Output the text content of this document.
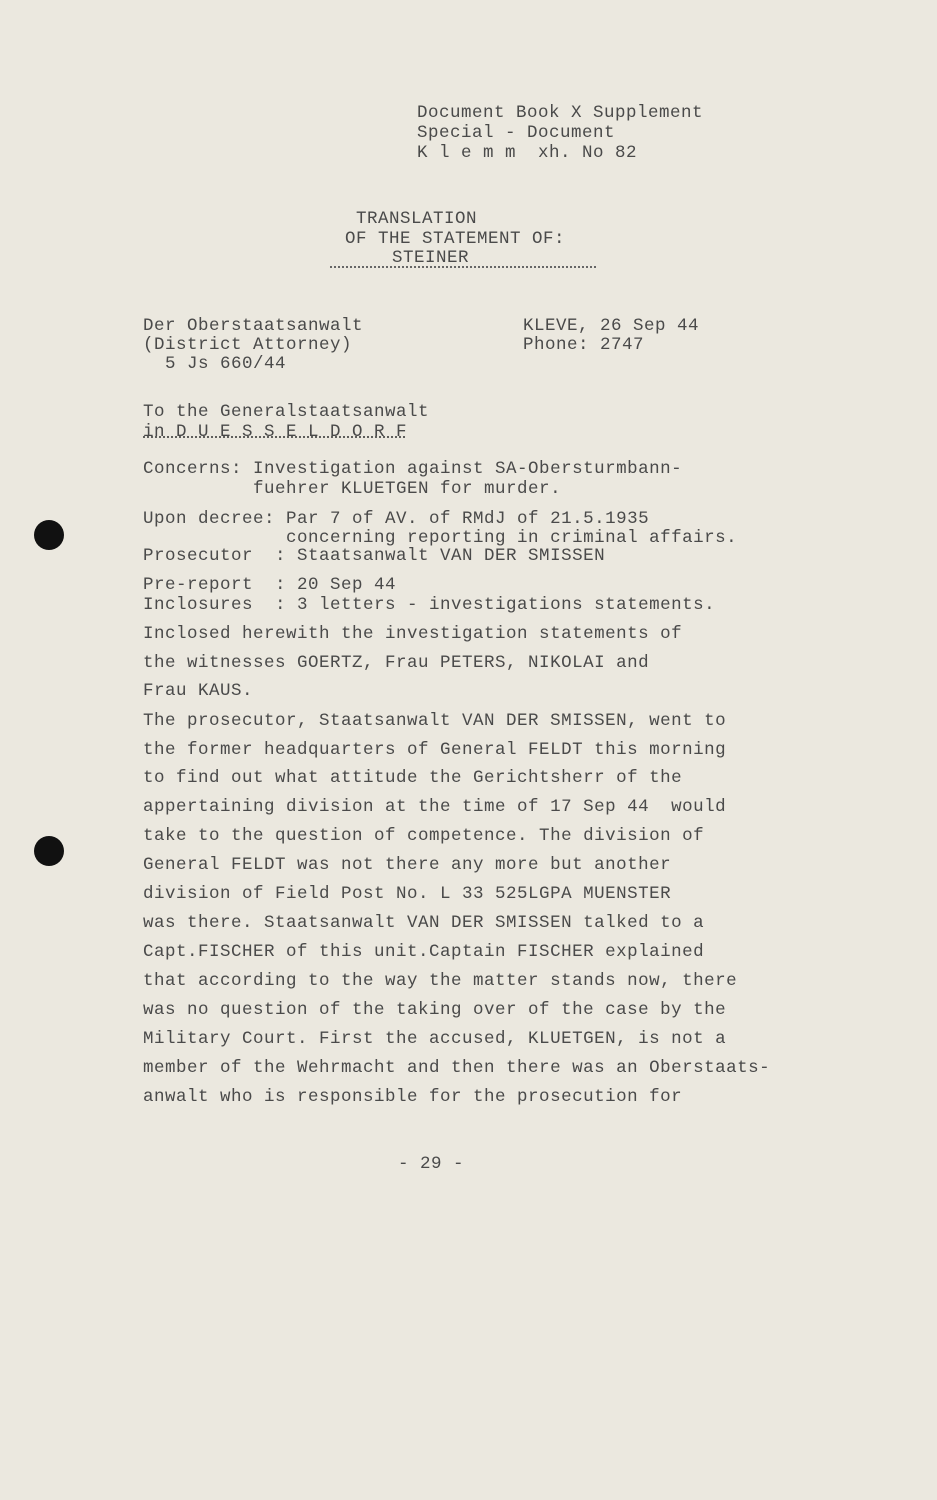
Document Book X Supplement
Special - Document
K l e m m  xh. No 82
TRANSLATION
OF THE STATEMENT OF:
STEINER
Der Oberstaatsanwalt
(District Attorney)
5 Js 660/44
KLEVE, 26 Sep 44
Phone: 2747
To the Generalstaatsanwalt
in D U E S S E L D O R F
Concerns: Investigation against SA-Obersturmbann-
fuehrer KLUETGEN for murder.
Upon decree: Par 7 of AV. of RMdJ of 21.5.1935
concerning reporting in criminal affairs.
Prosecutor  : Staatsanwalt VAN DER SMISSEN
Pre-report  : 20 Sep 44
Inclosures  : 3 letters - investigations statements.
Inclosed herewith the investigation statements of
the witnesses GOERTZ, Frau PETERS, NIKOLAI and
Frau KAUS.
The prosecutor, Staatsanwalt VAN DER SMISSEN, went to
the former headquarters of General FELDT this morning
to find out what attitude the Gerichtsherr of the
appertaining division at the time of 17 Sep 44  would
take to the question of competence. The division of
General FELDT was not there any more but another
division of Field Post No. L 33 525LGPA MUENSTER
was there. Staatsanwalt VAN DER SMISSEN talked to a
Capt.FISCHER of this unit.Captain FISCHER explained
that according to the way the matter stands now, there
was no question of the taking over of the case by the
Military Court. First the accused, KLUETGEN, is not a
member of the Wehrmacht and then there was an Oberstaats-
anwalt who is responsible for the prosecution for
- 29 -
